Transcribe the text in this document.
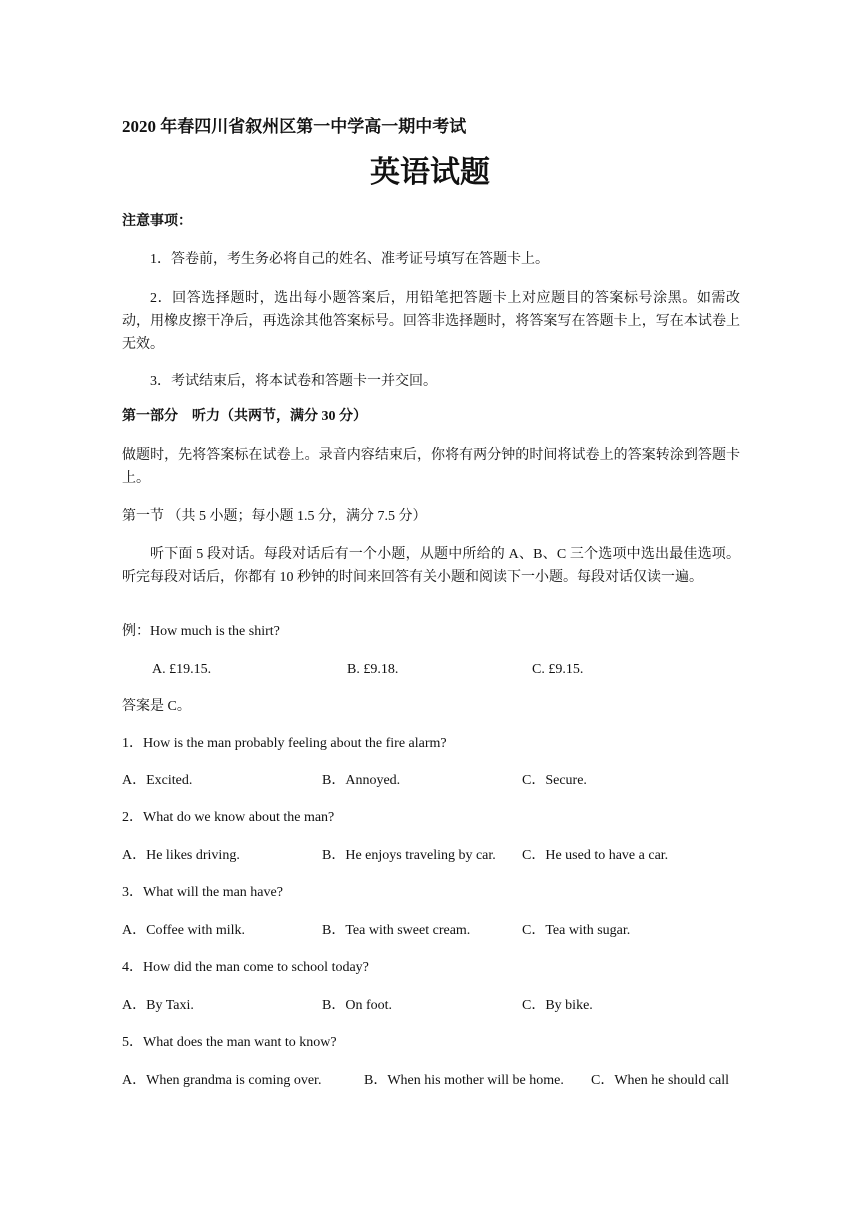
2020 年春四川省叙州区第一中学高一期中考试
英语试题
注意事项：
1．答卷前，考生务必将自己的姓名、准考证号填写在答题卡上。
2．回答选择题时，选出每小题答案后，用铅笔把答题卡上对应题目的答案标号涂黑。如需改动，用橡皮擦干净后，再选涂其他答案标号。回答非选择题时，将答案写在答题卡上，写在本试卷上无效。
3．考试结束后，将本试卷和答题卡一并交回。
第一部分　听力（共两节，满分 30 分）
做题时，先将答案标在试卷上。录音内容结束后，你将有两分钟的时间将试卷上的答案转涂到答题卡上。
第一节 （共 5 小题；每小题 1.5 分，满分 7.5 分）
听下面 5 段对话。每段对话后有一个小题，从题中所给的 A、B、C 三个选项中选出最佳选项。听完每段对话后，你都有 10 秒钟的时间来回答有关小题和阅读下一小题。每段对话仅读一遍。
例：How much is the shirt?
A. £19.15.	B. £9.18.	C. £9.15.
答案是 C。
1．How is the man probably feeling about the fire alarm?
A．Excited.	B．Annoyed.	C．Secure.
2．What do we know about the man?
A．He likes driving.	B．He enjoys traveling by car. C．He used to have a car.
3．What will the man have?
A．Coffee with milk.	B．Tea with sweet cream.	C．Tea with sugar.
4．How did the man come to school today?
A．By Taxi.	B．On foot.	C．By bike.
5．What does the man want to know?
A．When grandma is coming over.	B．When his mother will be home. C．When he should call
